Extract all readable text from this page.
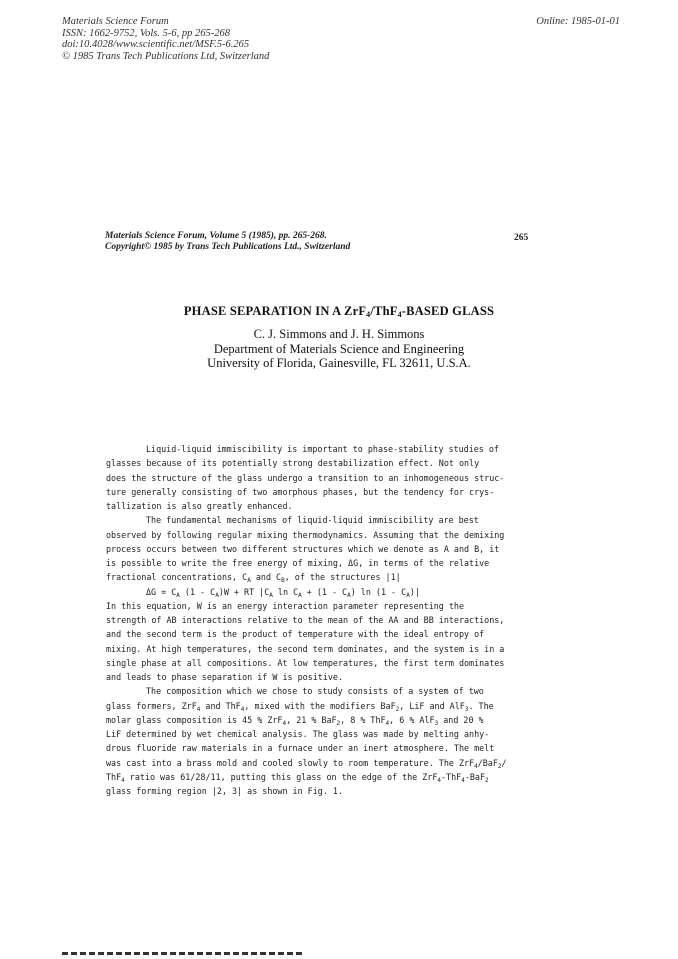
Materials Science Forum
ISSN: 1662-9752, Vols. 5-6, pp 265-268
doi:10.4028/www.scientific.net/MSF.5-6.265
© 1985 Trans Tech Publications Ltd, Switzerland
Online: 1985-01-01
Materials Science Forum, Volume 5 (1985), pp. 265-268.
Copyright© 1985 by Trans Tech Publications Ltd., Switzerland
265
PHASE SEPARATION IN A ZrF$_4$/ThF$_4$-BASED GLASS
C. J. Simmons and J. H. Simmons
Department of Materials Science and Engineering
University of Florida, Gainesville, FL 32611, U.S.A.
Liquid-liquid immiscibility is important to phase-stability studies of
glasses because of its potentially strong destabilization effect. Not only
does the structure of the glass undergo a transition to an inhomogeneous struc-
ture generally consisting of two amorphous phases, but the tendency for crys-
tallization is also greatly enhanced.
The fundamental mechanisms of liquid-liquid immiscibility are best
observed by following regular mixing thermodynamics. Assuming that the demixing
process occurs between two different structures which we denote as A and B, it
is possible to write the free energy of mixing, ΔG, in terms of the relative
fractional concentrations, $C_A$ and $C_B$, of the structures |1|
$\Delta G = C_A$ $(1 - C_A)W$ + RT $|C_A$ $\ln C_A + (1 - C_A)$ $\ln (1 - C_A)|$
In this equation, W is an energy interaction parameter representing the
strength of AB interactions relative to the mean of the AA and BB interactions,
and the second term is the product of temperature with the ideal entropy of
mixing. At high temperatures, the second term dominates, and the system is in a
single phase at all compositions. At low temperatures, the first term dominates
and leads to phase separation if W is positive.
The composition which we chose to study consists of a system of two
glass formers, ZrF$_4$ and ThF$_4$, mixed with the modifiers BaF$_2$, LiF and AlF$_3$. The
molar glass composition is 45 % ZrF$_4$, 21 % BaF$_2$, 8 % ThF$_4$, 6 % AlF$_3$ and 20 %
LiF determined by wet chemical analysis. The glass was made by melting anhy-
drous fluoride raw materials in a furnace under an inert atmosphere. The melt
was cast into a brass mold and cooled slowly to room temperature. The ZrF$_4$/BaF$_2$/
ThF$_4$ ratio was 61/28/11, putting this glass on the edge of the ZrF$_4$-ThF$_4$-BaF$_2$
glass forming region |2, 3| as shown in Fig. 1.
